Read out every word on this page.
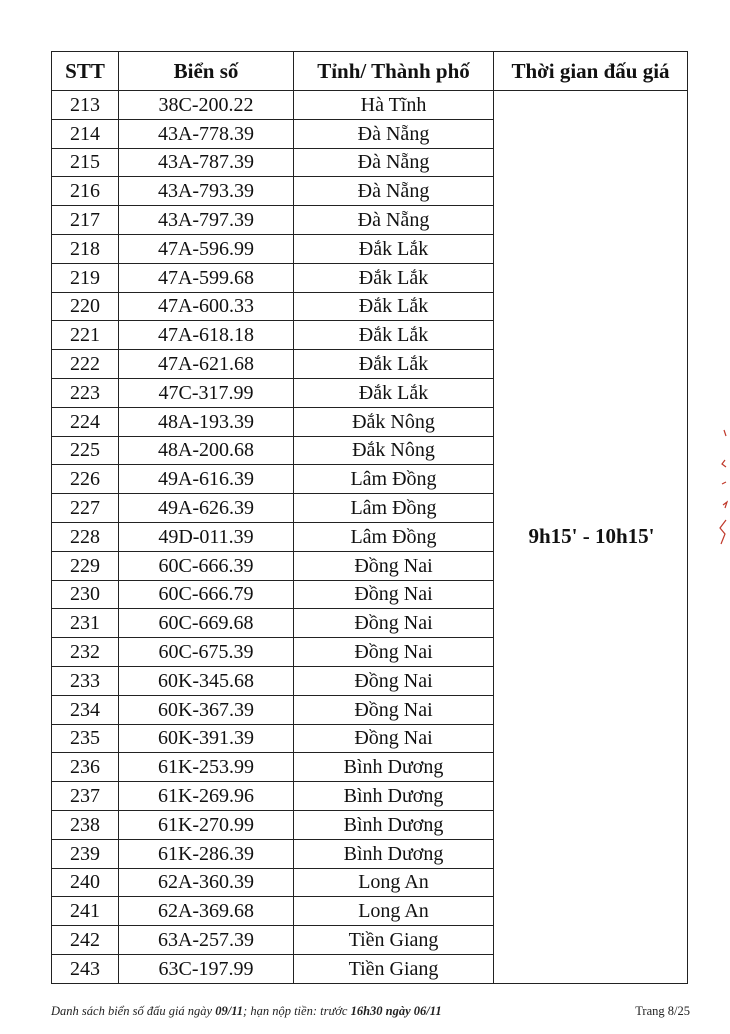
STT	Biển số	Tỉnh/ Thành phố	Thời gian đấu giá
213	38C-200.22	Hà Tĩnh	9h15' - 10h15'
214	43A-778.39	Đà Nẵng	
215	43A-787.39	Đà Nẵng	
216	43A-793.39	Đà Nẵng	
217	43A-797.39	Đà Nẵng	
218	47A-596.99	Đắk Lắk	
219	47A-599.68	Đắk Lắk	
220	47A-600.33	Đắk Lắk	
221	47A-618.18	Đắk Lắk	
222	47A-621.68	Đắk Lắk	
223	47C-317.99	Đắk Lắk	
224	48A-193.39	Đắk Nông	
225	48A-200.68	Đắk Nông	
226	49A-616.39	Lâm Đồng	
227	49A-626.39	Lâm Đồng	
228	49D-011.39	Lâm Đồng	
229	60C-666.39	Đồng Nai	
230	60C-666.79	Đồng Nai	
231	60C-669.68	Đồng Nai	
232	60C-675.39	Đồng Nai	
233	60K-345.68	Đồng Nai	
234	60K-367.39	Đồng Nai	
235	60K-391.39	Đồng Nai	
236	61K-253.99	Bình Dương	
237	61K-269.96	Bình Dương	
238	61K-270.99	Bình Dương	
239	61K-286.39	Bình Dương	
240	62A-360.39	Long An	
241	62A-369.68	Long An	
242	63A-257.39	Tiền Giang	
243	63C-197.99	Tiền Giang	
Danh sách biển số đấu giá ngày 09/11; hạn nộp tiền: trước 16h30 ngày 06/11	Trang 8/25
